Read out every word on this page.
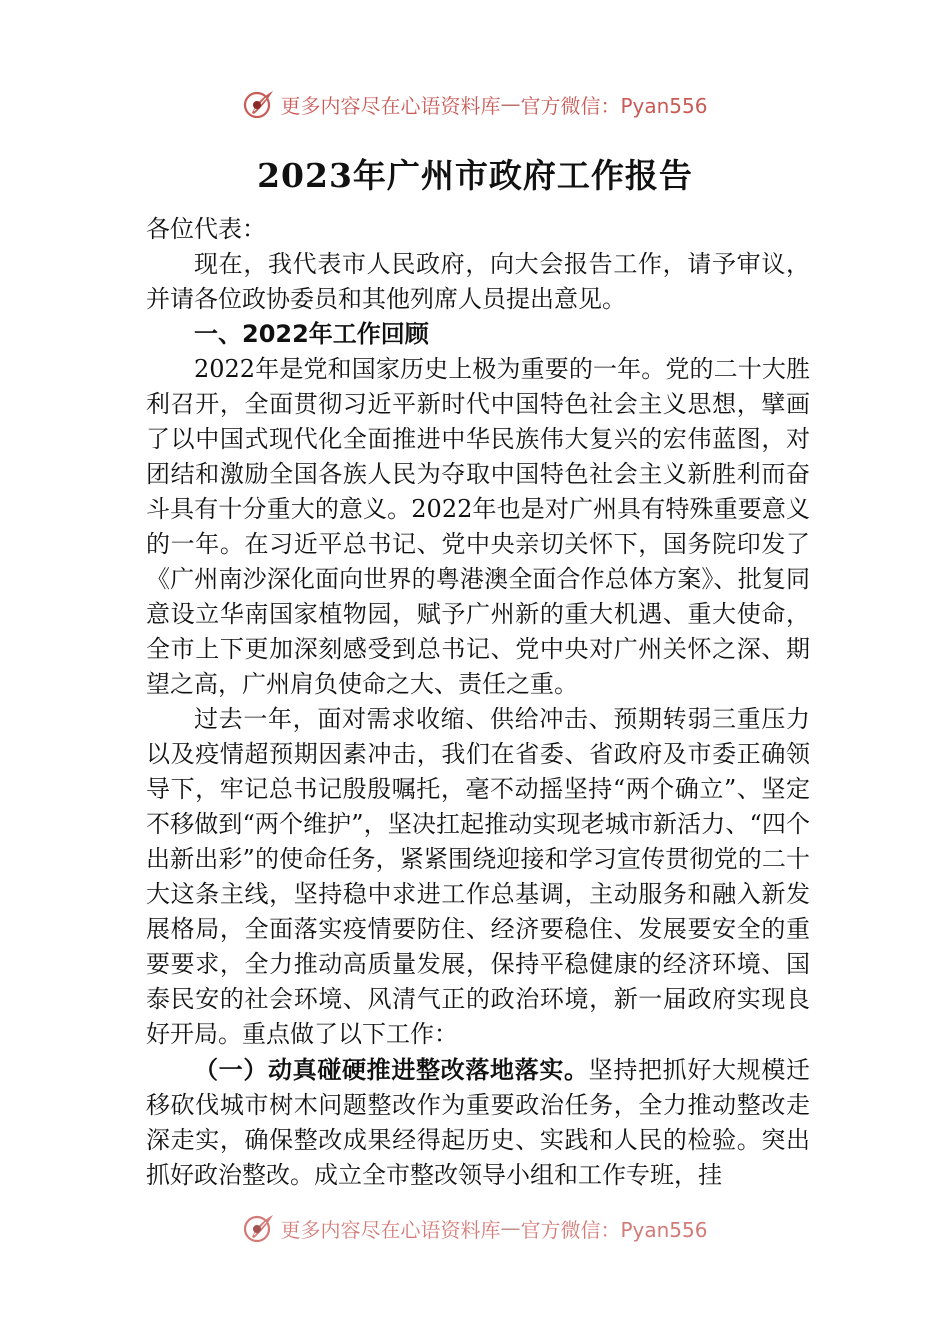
更多内容尽在心语资料库 — 官方微信：Pyan556
2023年广州市政府工作报告

各位代表：

现在，我代表市人民政府，向大会报告工作，请予审议，并请各位政协委员和其他列席人员提出意见。

一、2022年工作回顾

2022年是党和国家历史上极为重要的一年。党的二十大胜利召开，全面贯彻习近平新时代中国特色社会主义思想，擘画了以中国式现代化全面推进中华民族伟大复兴的宏伟蓝图，对团结和激励全国各族人民为夺取中国特色社会主义新胜利而奋斗具有十分重大的意义。2022年也是对广州具有特殊重要意义的一年。在习近平总书记、党中央亲切关怀下，国务院印发了《广州南沙深化面向世界的粤港澳全面合作总体方案》、批复同意设立华南国家植物园，赋予广州新的重大机遇、重大使命，全市上下更加深刻感受到总书记、党中央对广州关怀之深、期望之高，广州肩负使命之大、责任之重。

过去一年，面对需求收缩、供给冲击、预期转弱三重压力以及疫情超预期因素冲击，我们在省委、省政府及市委正确领导下，牢记总书记殷殷嘱托，毫不动摇坚持“两个确立”、坚定不移做到“两个维护”，坚决扛起推动实现老城市新活力、“四个出新出彩”的使命任务，紧紧围绕迎接和学习宣传贯彻党的二十大这条主线，坚持稳中求进工作总基调，主动服务和融入新发展格局，全面落实疫情要防住、经济要稳住、发展要安全的重要要求，全力推动高质量发展，保持平稳健康的经济环境、国泰民安的社会环境、风清气正的政治环境，新一届政府实现良好开局。重点做了以下工作：

（一）动真碰硬推进整改落地落实。坚持把抓好大规模迁移砍伐城市树木问题整改作为重要政治任务，全力推动整改走深走实，确保整改成果经得起历史、实践和人民的检验。突出抓好政治整改。成立全市整改领导小组和工作专班，挂

更多内容尽在心语资料库 — 官方微信：Pyan556
